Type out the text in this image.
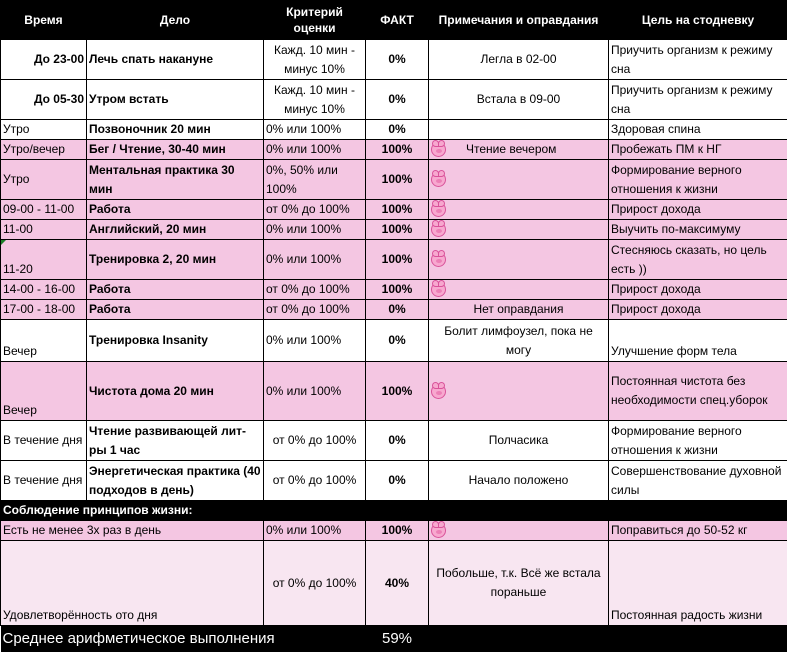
Время	Дело	Критерий оценки	ФАКТ	Примечания и оправдания	Цель на стодневку
До 23-00	Лечь спать накануне	Кажд. 10 мин - минус 10%	0%	Легла в 02-00	Приучить организм к режиму сна
До 05-30	Утром встать	Кажд. 10 мин - минус 10%	0%	Встала в 09-00	Приучить организм к режиму сна
Утро	Позвоночник 20 мин	0% или 100%	0%		Здоровая спина
Утро/вечер	Бег / Чтение, 30-40 мин	0% или 100%	100%	Чтение вечером	Пробежать ПМ к НГ
Утро	Ментальная практика 30 мин	0%, 50% или 100%	100%		Формирование верного отношения к жизни
09-00 - 11-00	Работа	от 0% до 100%	100%		Прирост дохода
11-00	Английский, 20 мин	0% или 100%	100%		Выучить по-максимуму

11-20	Тренировка 2, 20 мин	0% или 100%	100%		Стесняюсь сказать, но цель есть ))
14-00 - 16-00	Работа	от 0% до 100%	100%		Прирост дохода
17-00 - 18-00	Работа	от 0% до 100%	0%	Нет оправдания	Прирост дохода
Вечер	Тренировка Insanity	0% или 100%	0%	Болит лимфоузел, пока не могу	Улучшение форм тела
Вечер	Чистота дома 20 мин	0% или 100%	100%		Постоянная чистота без необходимости спец.уборок
В течение дня	Чтение развивающей лит-ры 1 час	от 0% до 100%	0%	Полчасика	Формирование верного отношения к жизни
В течение дня	Энергетическая практика (40 подходов в день)	от 0% до 100%	0%	Начало положено	Совершенствование духовной силы
Соблюдение принципов жизни:					
Есть не менее 3х раз в день		0% или 100%	100%		Поправиться до 50-52 кг
Удовлетворённость ото дня		от 0% до 100%	40%	Побольше, т.к. Всё же встала пораньше	Постоянная радость жизни
Среднее арифметическое выполнения			59%		
